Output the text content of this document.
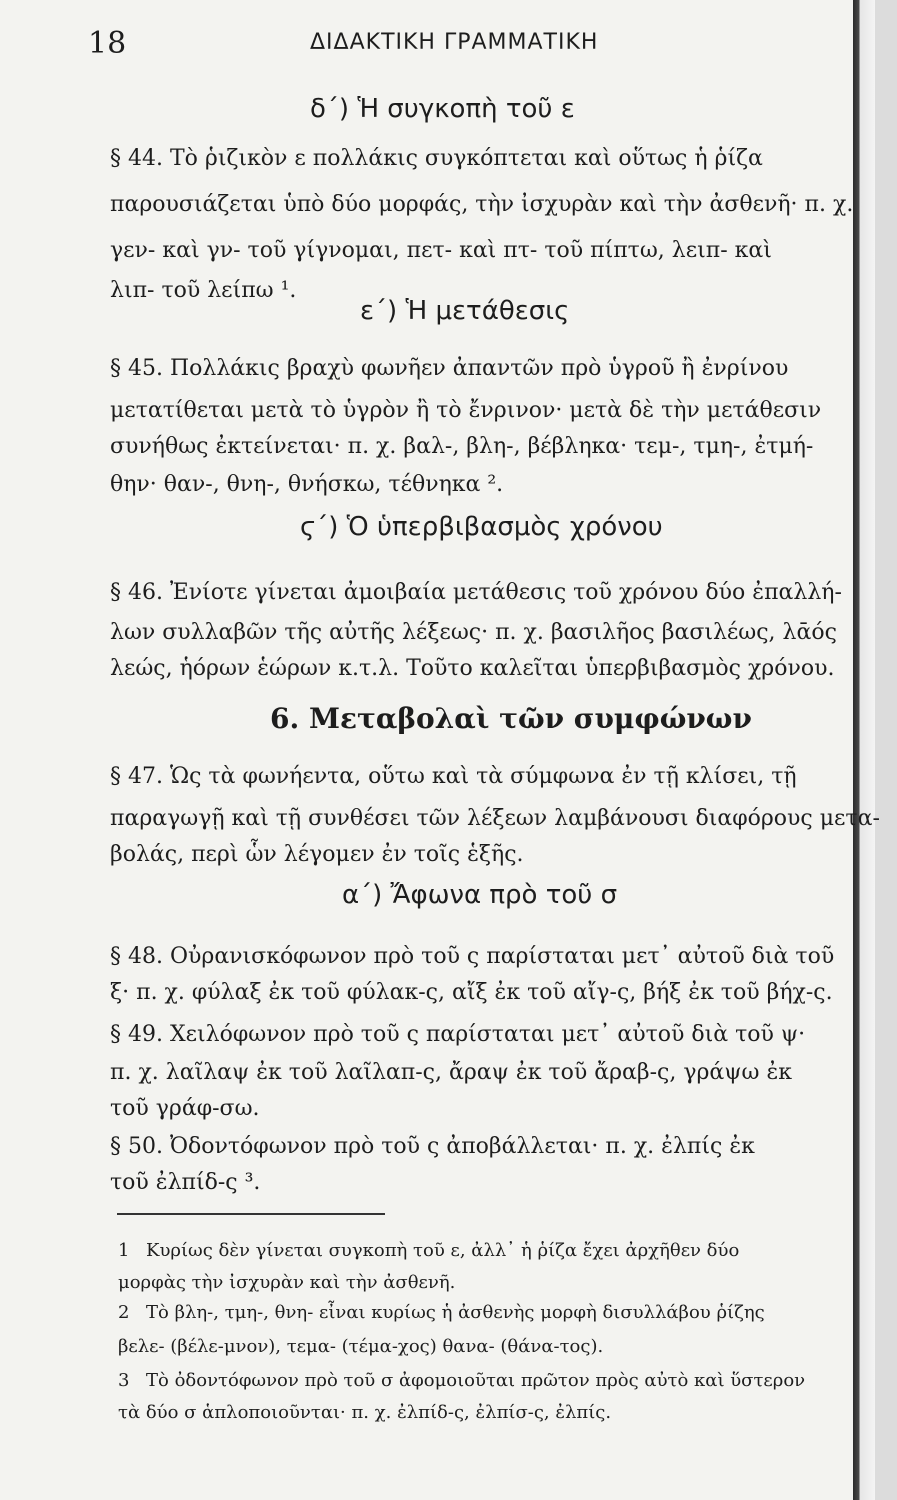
18	ΔΙΔΑΚΤΙΚΗ ΓΡΑΜΜΑΤΙΚΗ
δ΄) Ἡ συγκοπὴ τοῦ ε
§ 44. Τὸ ῥιζικὸν ε πολλάκις συγκόπτεται καὶ οὕτως ἡ ῥίζα
παρουσιάζεται ὑπὸ δύο μορφάς, τὴν ἰσχυρὰν καὶ τὴν ἀσθενῆ· π. χ.
γεν- καὶ γν- τοῦ γίγνομαι, πετ- καὶ πτ- τοῦ πίπτω, λειπ- καὶ
λιπ- τοῦ λείπω ¹.
ε΄) Ἡ μετάθεσις
§ 45. Πολλάκις βραχὺ φωνῆεν ἀπαντῶν πρὸ ὑγροῦ ἢ ἐνρίνου
μετατίθεται μετὰ τὸ ὑγρὸν ἢ τὸ ἔνρινον· μετὰ δὲ τὴν μετάθεσιν
συνήθως ἐκτείνεται· π. χ. βαλ-, βλη-, βέβληκα· τεμ-, τμη-, ἐτμή-
θην· θαν-, θνη-, θνήσκω, τέθνηκα ².
ϛ΄) Ὁ ὑπερβιβασμὸς χρόνου
§ 46. Ἐνίοτε γίνεται ἀμοιβαία μετάθεσις τοῦ χρόνου δύο ἐπαλλή-
λων συλλαβῶν τῆς αὐτῆς λέξεως· π. χ. βασιλῆος βασιλέως, λᾱός
λεώς, ἡόρων ἑώρων κ.τ.λ. Τοῦτο καλεῖται ὑπερβιβασμὸς χρόνου.
6. Μεταβολαὶ τῶν συμφώνων
§ 47. Ὡς τὰ φωνήεντα, οὕτω καὶ τὰ σύμφωνα ἐν τῇ κλίσει, τῇ
παραγωγῇ καὶ τῇ συνθέσει τῶν λέξεων λαμβάνουσι διαφόρους μετα-
βολάς, περὶ ὧν λέγομεν ἐν τοῖς ἑξῆς.
α΄) Ἄφωνα πρὸ τοῦ σ
§ 48. Οὐρανισκόφωνον πρὸ τοῦ ς παρίσταται μετ᾽ αὐτοῦ διὰ τοῦ
ξ· π. χ. φύλαξ ἐκ τοῦ φύλακ-ς, αἴξ ἐκ τοῦ αἴγ-ς, βήξ ἐκ τοῦ βήχ-ς.
§ 49. Χειλόφωνον πρὸ τοῦ ς παρίσταται μετ᾽ αὐτοῦ διὰ τοῦ ψ·
π. χ. λαῖλαψ ἐκ τοῦ λαῖλαπ-ς, ἄραψ ἐκ τοῦ ἄραβ-ς, γράψω ἐκ
τοῦ γράφ-σω.
§ 50. Ὀδοντόφωνον πρὸ τοῦ ς ἀποβάλλεται· π. χ. ἐλπίς ἐκ
τοῦ ἐλπίδ-ς ³.
1 Κυρίως δὲν γίνεται συγκοπὴ τοῦ ε, ἀλλ᾽ ἡ ῥίζα ἔχει ἀρχῆθεν δύο
μορφὰς τὴν ἰσχυρὰν καὶ τὴν ἀσθενῆ.
2 Τὸ βλη-, τμη-, θνη- εἶναι κυρίως ἡ ἀσθενὴς μορφὴ δισυλλάβου ῥίζης
βελε- (βέλε-μνον), τεμα- (τέμα-χος) θανα- (θάνα-τος).
3 Τὸ ὀδοντόφωνον πρὸ τοῦ σ ἀφομοιοῦται πρῶτον πρὸς αὐτὸ καὶ ὕστερον
τὰ δύο σ ἁπλοποιοῦνται· π. χ. ἐλπίδ-ς, ἐλπίσ-ς, ἐλπίς.
